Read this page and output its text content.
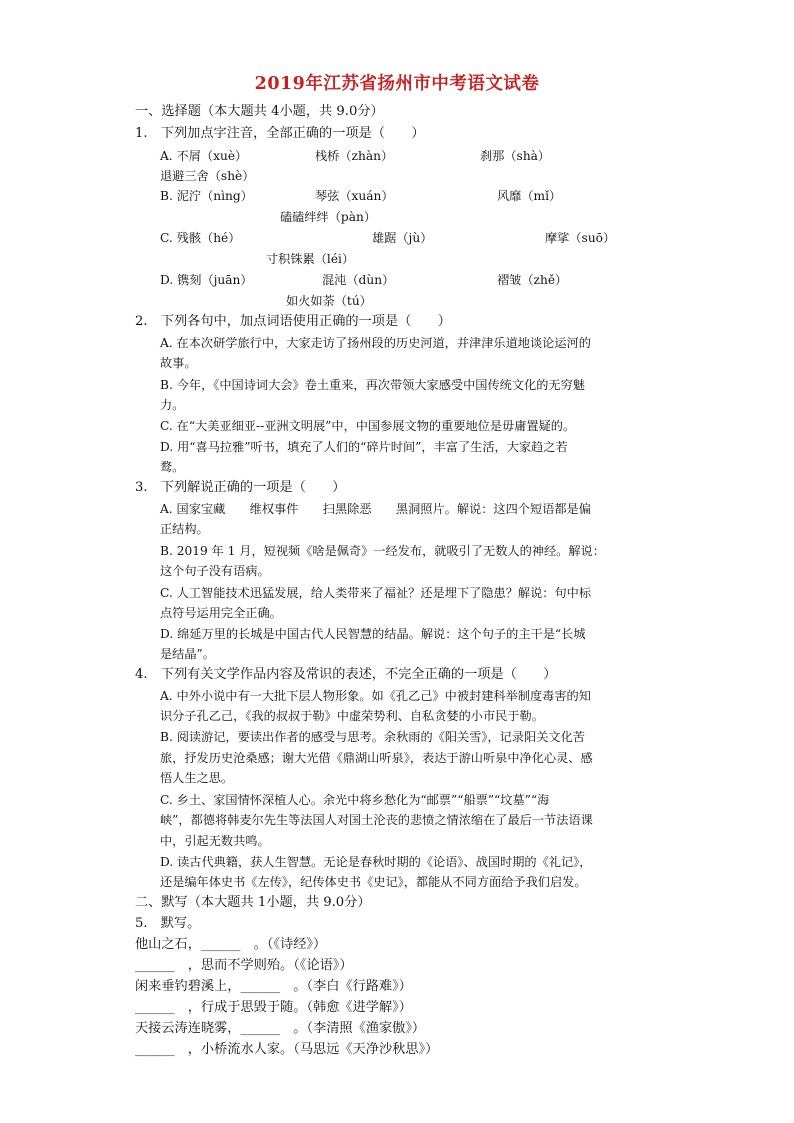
2019年江苏省扬州市中考语文试卷
一、选择题（本大题共 4小题，共 9.0分）
1.　下列加点字注音，全部正确的一项是（　　）
A. 不屑（xuè）	栈桥（zhàn）	刹那（shà）
退避三舍（shè）
B. 泥泞（nìng）	琴弦（xuán）	风靡（mǐ）
磕磕绊绊（pàn）
C. 残骸（hé）	雄踞（jù）	摩挲（suō）
寸积铢累（léi）
D. 镌刻（juān）	混沌（dùn）	褶皱（zhě）
如火如荼（tú）
2.　下列各句中，加点词语使用正确的一项是（　　）
A. 在本次研学旅行中，大家走访了扬州段的历史河道，并津津乐道地谈论运河的
故事。
B. 今年，《中国诗词大会》卷土重来，再次带领大家感受中国传统文化的无穷魅
力。
C. 在“大美亚细亚--亚洲文明展”中，中国参展文物的重要地位是毋庸置疑的。
D. 用“喜马拉雅”听书，填充了人们的“碎片时间”，丰富了生活，大家趋之若
鹜。
3.　下列解说正确的一项是（　　）
A. 国家宝藏　　维权事件　　扫黑除恶　　黑洞照片。解说：这四个短语都是偏
正结构。
B. 2019 年 1 月，短视频《啥是佩奇》一经发布，就吸引了无数人的神经。解说：
这个句子没有语病。
C. 人工智能技术迅猛发展，给人类带来了福祉？还是埋下了隐患？解说：句中标
点符号运用完全正确。
D. 绵延万里的长城是中国古代人民智慧的结晶。解说：这个句子的主干是“长城
是结晶”。
4.　下列有关文学作品内容及常识的表述，不完全正确的一项是（　　）
A. 中外小说中有一大批下层人物形象。如《孔乙己》中被封建科举制度毒害的知
识分子孔乙己，《我的叔叔于勒》中虚荣势利、自私贪婪的小市民于勒。
B. 阅读游记，要读出作者的感受与思考。余秋雨的《阳关雪》，记录阳关文化苦
旅，抒发历史沧桑感；谢大光借《鼎湖山听泉》，表达于游山听泉中净化心灵、感
悟人生之思。
C. 乡土、家国情怀深植人心。余光中将乡愁化为“邮票”“船票”“坟墓”“海
峡”，都德将韩麦尔先生等法国人对国土沦丧的悲愤之情浓缩在了最后一节法语课
中，引起无数共鸣。
D. 读古代典籍，获人生智慧。无论是春秋时期的《论语》、战国时期的《礼记》，
还是编年体史书《左传》，纪传体史书《史记》，都能从不同方面给予我们启发。
二、默写（本大题共 1小题，共 9.0分）
5.　默写。
他山之石，______　。（《诗经》）
______　，思而不学则殆。（《论语》）
闲来垂钓碧溪上，______　。（李白《行路难》）
______　，行成于思毁于随。（韩愈《进学解》）
天接云涛连晓雾，______　。（李清照《渔家傲》）
______　，小桥流水人家。（马思远《天净沙秋思》）
